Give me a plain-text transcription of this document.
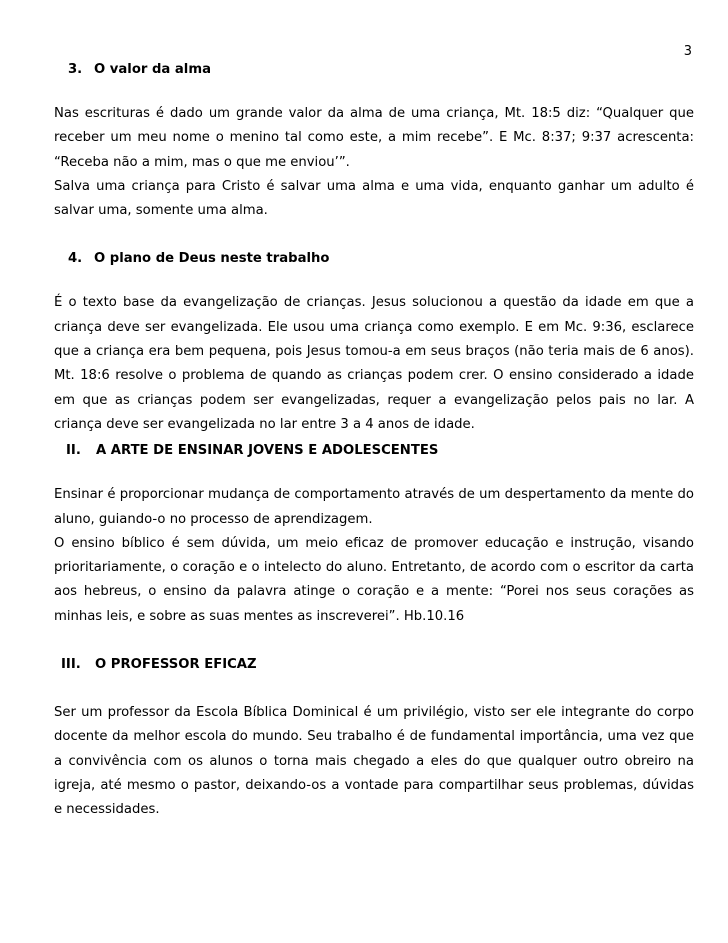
3
3. O valor da alma

Nas escrituras é dado um grande valor da alma de uma criança, Mt. 18:5 diz: “Qualquer que receber um meu nome o menino tal como este, a mim recebe”. E Mc. 8:37; 9:37 acrescenta: “Receba não a mim, mas o que me enviou’”.

Salva uma criança para Cristo é salvar uma alma e uma vida, enquanto ganhar um adulto é salvar uma, somente uma alma.

4. O plano de Deus neste trabalho

É o texto base da evangelização de crianças. Jesus solucionou a questão da idade em que a criança deve ser evangelizada. Ele usou uma criança como exemplo. E em Mc. 9:36, esclarece que a criança era bem pequena, pois Jesus tomou-a em seus braços (não teria mais de 6 anos). Mt. 18:6 resolve o problema de quando as crianças podem crer. O ensino considerado a idade em que as crianças podem ser evangelizadas, requer a evangelização pelos pais no lar. A criança deve ser evangelizada no lar entre 3 a 4 anos de idade.

II. A ARTE DE ENSINAR JOVENS E ADOLESCENTES

Ensinar é proporcionar mudança de comportamento através de um despertamento da mente do aluno, guiando-o no processo de aprendizagem.

O ensino bíblico é sem dúvida, um meio eficaz de promover educação e instrução, visando prioritariamente, o coração e o intelecto do aluno. Entretanto, de acordo com o escritor da carta aos hebreus, o ensino da palavra atinge o coração e a mente: “Porei nos seus corações as minhas leis, e sobre as suas mentes as inscreverei”. Hb.10.16

III. O PROFESSOR EFICAZ

Ser um professor da Escola Bíblica Dominical é um privilégio, visto ser ele integrante do corpo docente da melhor escola do mundo. Seu trabalho é de fundamental importância, uma vez que a convivência com os alunos o torna mais chegado a eles do que qualquer outro obreiro na igreja, até mesmo o pastor, deixando-os a vontade para compartilhar seus problemas, dúvidas e necessidades.
